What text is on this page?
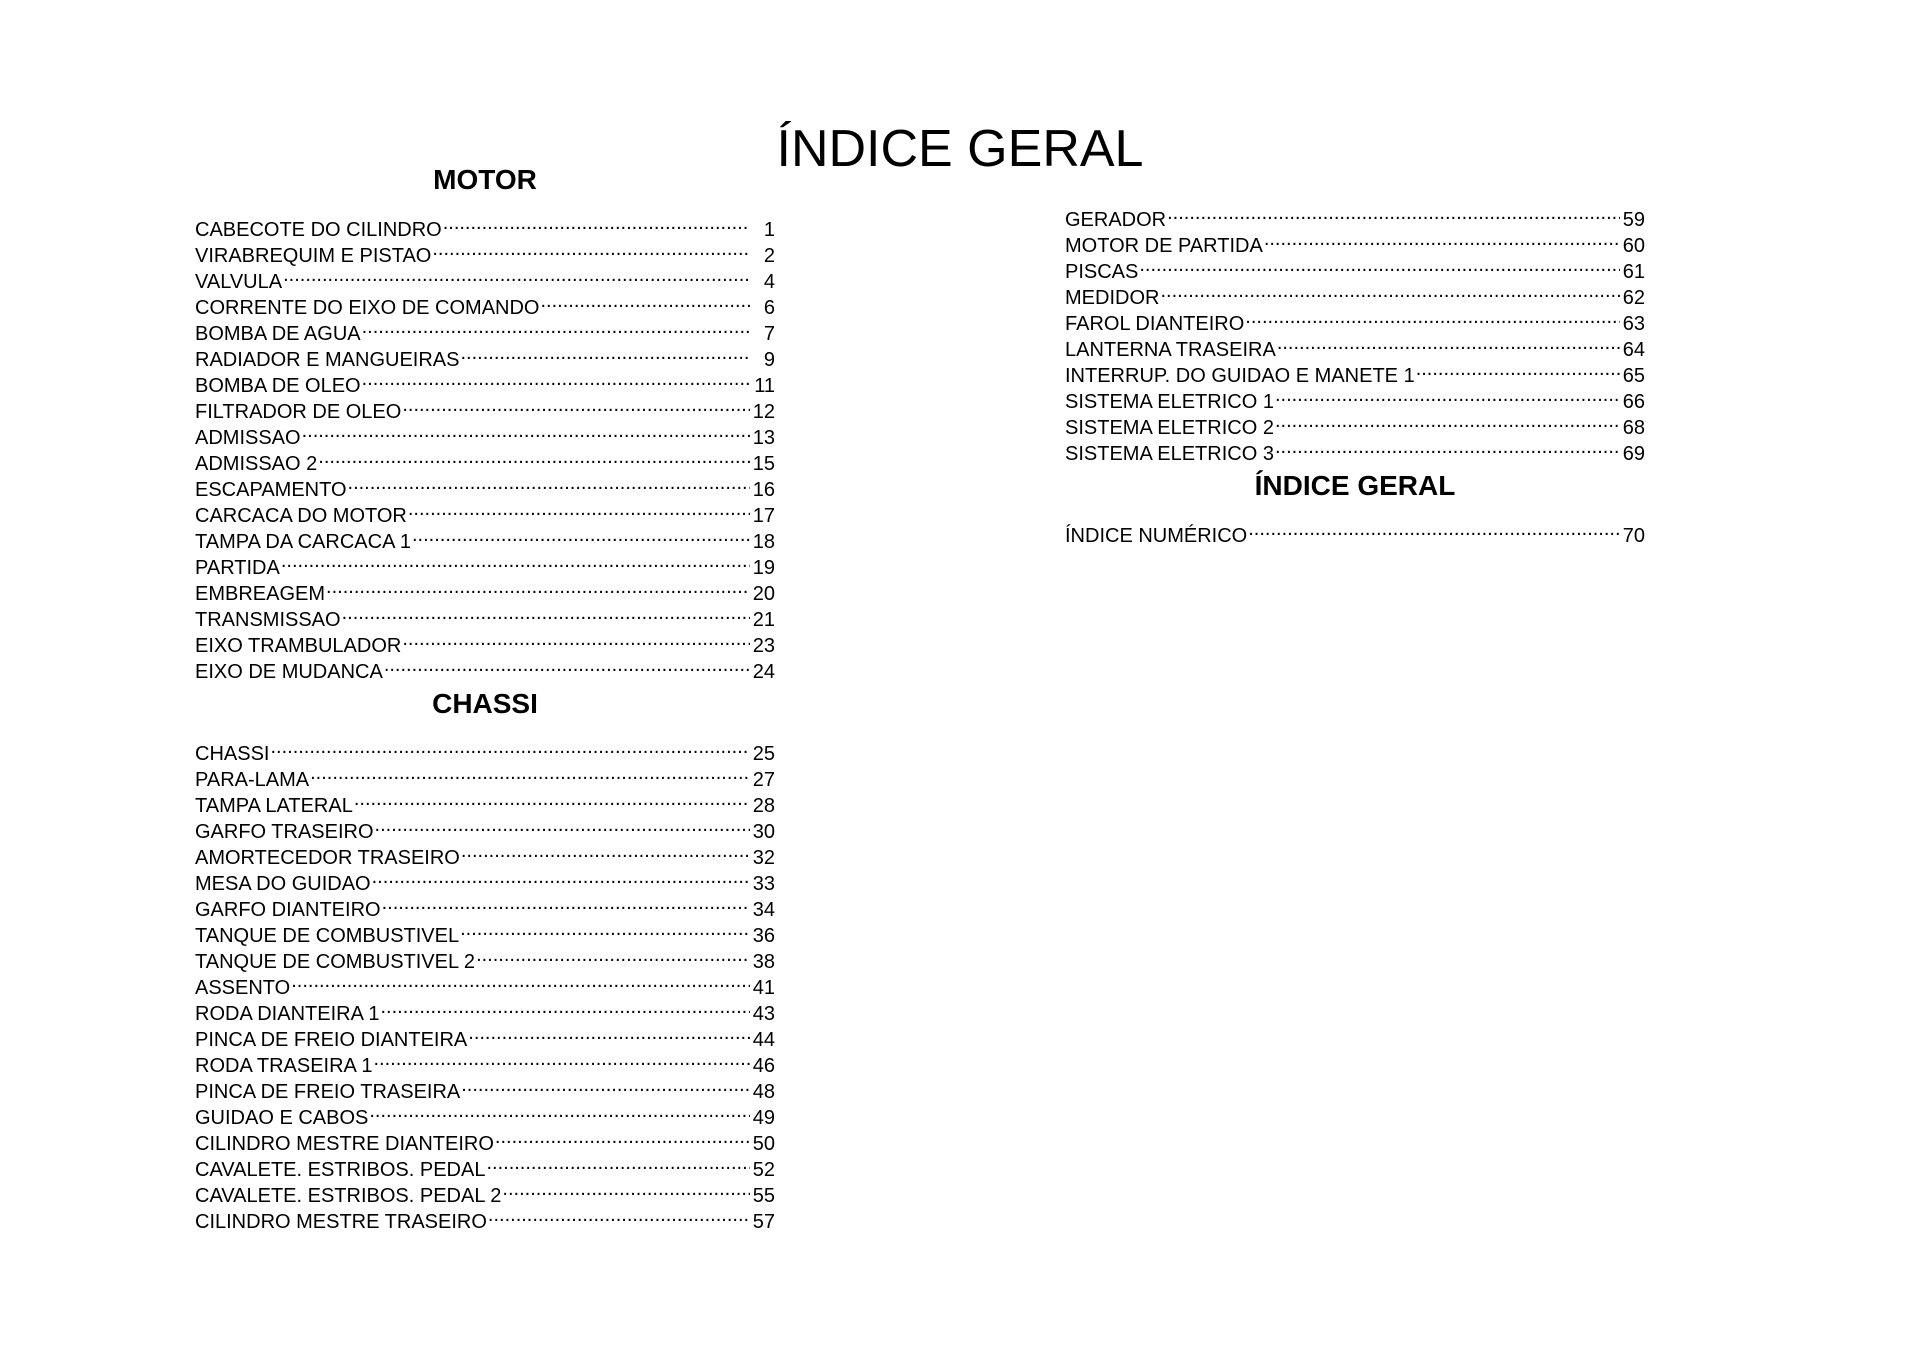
ÍNDICE GERAL
MOTOR
CABECOTE DO CILINDRO .....	1
VIRABREQUIM E PISTAO .....	2
VALVULA .....	4
CORRENTE DO EIXO DE COMANDO .....	6
BOMBA DE AGUA .....	7
RADIADOR E MANGUEIRAS .....	9
BOMBA DE OLEO .....	11
FILTRADOR DE OLEO .....	12
ADMISSAO .....	13
ADMISSAO 2 .....	15
ESCAPAMENTO .....	16
CARCACA DO MOTOR .....	17
TAMPA DA CARCACA 1 .....	18
PARTIDA .....	19
EMBREAGEM .....	20
TRANSMISSAO .....	21
EIXO TRAMBULADOR .....	23
EIXO DE MUDANCA .....	24
CHASSI
CHASSI .....	25
PARA-LAMA .....	27
TAMPA LATERAL .....	28
GARFO TRASEIRO .....	30
AMORTECEDOR TRASEIRO .....	32
MESA DO GUIDAO .....	33
GARFO DIANTEIRO .....	34
TANQUE DE COMBUSTIVEL .....	36
TANQUE DE COMBUSTIVEL 2 .....	38
ASSENTO .....	41
RODA DIANTEIRA 1 .....	43
PINCA DE FREIO DIANTEIRA .....	44
RODA TRASEIRA 1 .....	46
PINCA DE FREIO TRASEIRA .....	48
GUIDAO E CABOS .....	49
CILINDRO MESTRE DIANTEIRO .....	50
CAVALETE. ESTRIBOS. PEDAL .....	52
CAVALETE. ESTRIBOS. PEDAL 2 .....	55
CILINDRO MESTRE TRASEIRO .....	57
GERADOR .....	59
MOTOR DE PARTIDA .....	60
PISCAS .....	61
MEDIDOR .....	62
FAROL DIANTEIRO .....	63
LANTERNA TRASEIRA .....	64
INTERRUP. DO GUIDAO E MANETE 1 .....	65
SISTEMA ELETRICO 1 .....	66
SISTEMA ELETRICO 2 .....	68
SISTEMA ELETRICO 3 .....	69
ÍNDICE GERAL
ÍNDICE NUMÉRICO .....	70
